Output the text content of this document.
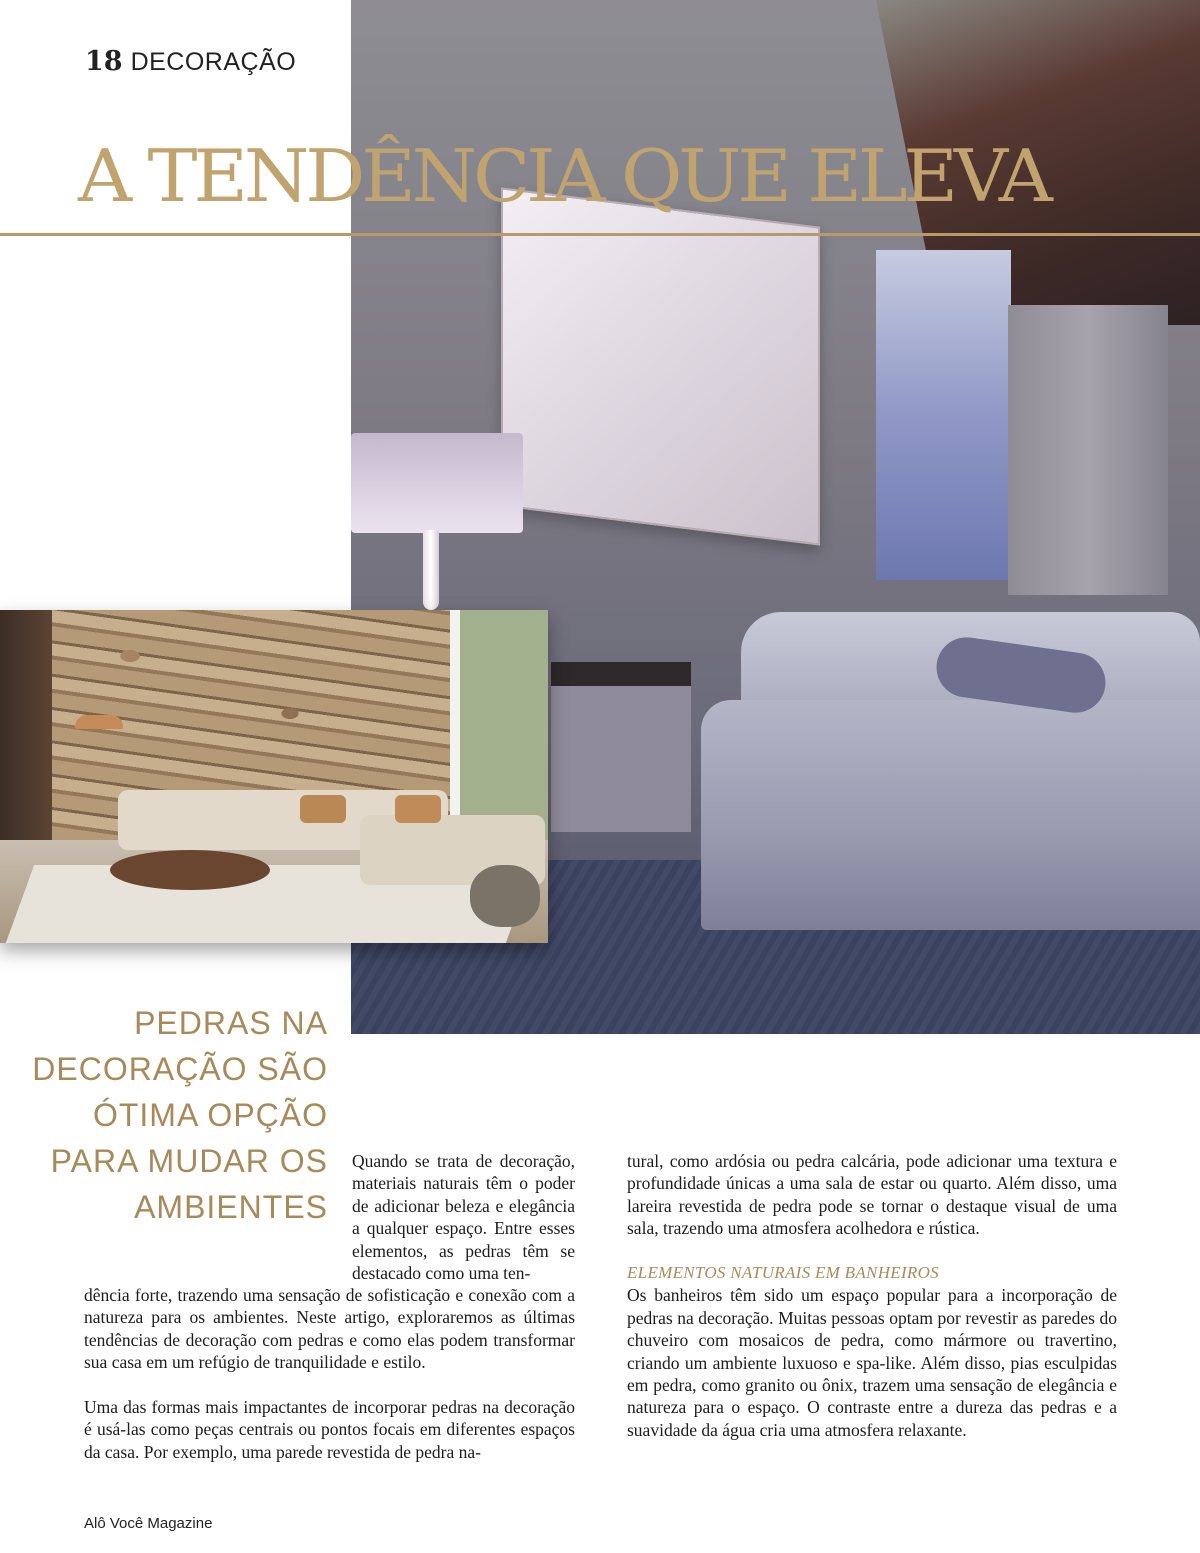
18 DECORAÇÃO
A TENDÊNCIA QUE ELEVA
PEDRAS NA DECORAÇÃO SÃO ÓTIMA OPÇÃO PARA MUDAR OS AMBIENTES

Quando se trata de decoração, materiais naturais têm o poder de adicionar beleza e elegância a qualquer espaço. Entre esses elementos, as pedras têm se destacado como uma ten-

dência forte, trazendo uma sensação de sofisticação e conexão com a natureza para os ambientes. Neste artigo, exploraremos as últimas tendências de decoração com pedras e como elas podem transformar sua casa em um refúgio de tranquilidade e estilo.

Uma das formas mais impactantes de incorporar pedras na decoração é usá-las como peças centrais ou pontos focais em diferentes espaços da casa. Por exemplo, uma parede revestida de pedra na-

tural, como ardósia ou pedra calcária, pode adicionar uma textura e profundidade únicas a uma sala de estar ou quarto. Além disso, uma lareira revestida de pedra pode se tornar o destaque visual de uma sala, trazendo uma atmosfera acolhedora e rústica.

ELEMENTOS NATURAIS EM BANHEIROS

Os banheiros têm sido um espaço popular para a incorporação de pedras na decoração. Muitas pessoas optam por revestir as paredes do chuveiro com mosaicos de pedra, como mármore ou travertino, criando um ambiente luxuoso e spa-like. Além disso, pias esculpidas em pedra, como granito ou ônix, trazem uma sensação de elegância e natureza para o espaço. O contraste entre a dureza das pedras e a suavidade da água cria uma atmosfera relaxante.

Alô Você Magazine
